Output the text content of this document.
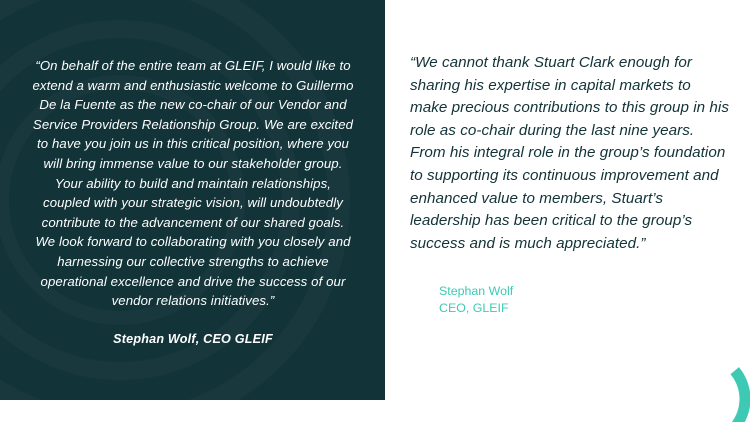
“On behalf of the entire team at GLEIF, I would like to extend a warm and enthusiastic welcome to Guillermo De la Fuente as the new co-chair of our Vendor and Service Providers Relationship Group. We are excited to have you join us in this critical position, where you will bring immense value to our stakeholder group. Your ability to build and maintain relationships, coupled with your strategic vision, will undoubtedly contribute to the advancement of our shared goals. We look forward to collaborating with you closely and harnessing our collective strengths to achieve operational excellence and drive the success of our vendor relations initiatives.”
Stephan Wolf, CEO GLEIF
“We cannot thank Stuart Clark enough for sharing his expertise in capital markets to make precious contributions to this group in his role as co-chair during the last nine years. From his integral role in the group’s foundation to supporting its continuous improvement and enhanced value to members, Stuart’s leadership has been critical to the group’s success and is much appreciated.”
Stephan Wolf
CEO, GLEIF
